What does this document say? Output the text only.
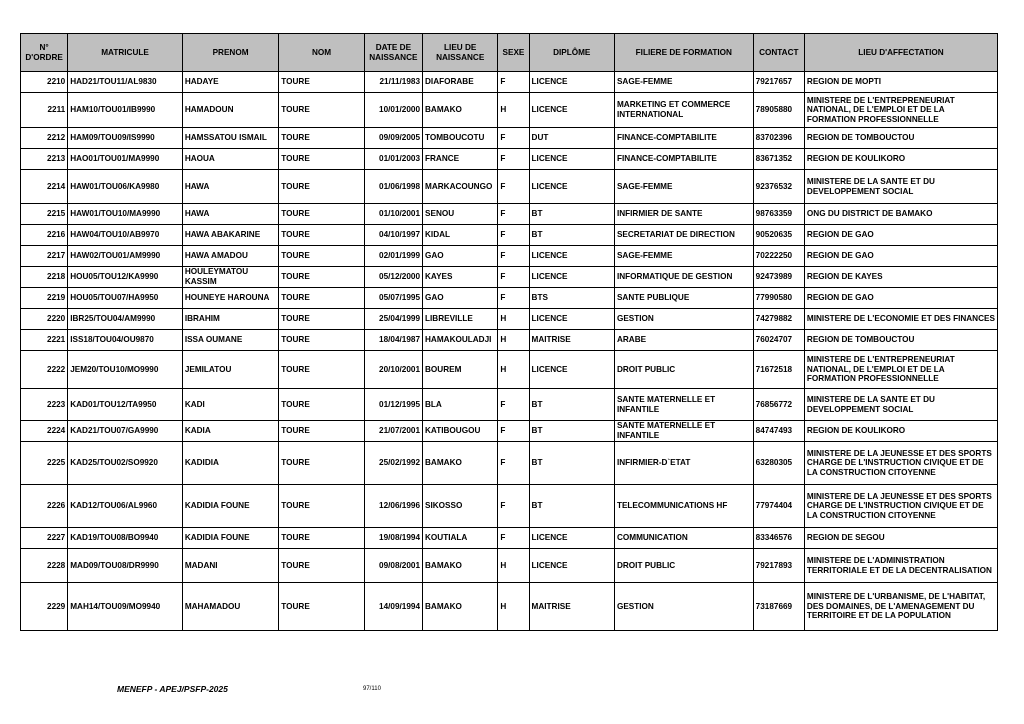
N° D'ORDRE	MATRICULE	PRENOM	NOM	DATE DE NAISSANCE	LIEU DE NAISSANCE	SEXE	DIPLÔME	FILIERE DE FORMATION	CONTACT	LIEU D'AFFECTATION
2210	HAD21/TOU11/AL9830	HADAYE	TOURE	21/11/1983	DIAFORABE	F	LICENCE	SAGE-FEMME	79217657	REGION DE MOPTI
2211	HAM10/TOU01/IB9990	HAMADOUN	TOURE	10/01/2000	BAMAKO	H	LICENCE	MARKETING ET COMMERCE INTERNATIONAL	78905880	MINISTERE DE L'ENTREPRENEURIAT NATIONAL, DE L'EMPLOI ET DE LA FORMATION PROFESSIONNELLE
2212	HAM09/TOU09/IS9990	HAMSSATOU ISMAIL	TOURE	09/09/2005	TOMBOUCOTU	F	DUT	FINANCE-COMPTABILITE	83702396	REGION DE TOMBOUCTOU
2213	HAO01/TOU01/MA9990	HAOUA	TOURE	01/01/2003	FRANCE	F	LICENCE	FINANCE-COMPTABILITE	83671352	REGION DE KOULIKORO
2214	HAW01/TOU06/KA9980	HAWA	TOURE	01/06/1998	MARKACOUNGO	F	LICENCE	SAGE-FEMME	92376532	MINISTERE DE LA SANTE ET DU DEVELOPPEMENT SOCIAL
2215	HAW01/TOU10/MA9990	HAWA	TOURE	01/10/2001	SENOU	F	BT	INFIRMIER DE SANTE	98763359	ONG DU DISTRICT DE BAMAKO
2216	HAW04/TOU10/AB9970	HAWA ABAKARINE	TOURE	04/10/1997	KIDAL	F	BT	SECRETARIAT DE DIRECTION	90520635	REGION DE GAO
2217	HAW02/TOU01/AM9990	HAWA AMADOU	TOURE	02/01/1999	GAO	F	LICENCE	SAGE-FEMME	70222250	REGION DE GAO
2218	HOU05/TOU12/KA9990	HOULEYMATOU KASSIM	TOURE	05/12/2000	KAYES	F	LICENCE	INFORMATIQUE DE GESTION	92473989	REGION DE KAYES
2219	HOU05/TOU07/HA9950	HOUNEYE HAROUNA	TOURE	05/07/1995	GAO	F	BTS	SANTE PUBLIQUE	77990580	REGION DE GAO
2220	IBR25/TOU04/AM9990	IBRAHIM	TOURE	25/04/1999	LIBREVILLE	H	LICENCE	GESTION	74279882	MINISTERE DE L'ECONOMIE ET DES FINANCES
2221	ISS18/TOU04/OU9870	ISSA OUMANE	TOURE	18/04/1987	HAMAKOULADJI	H	MAITRISE	ARABE	76024707	REGION DE TOMBOUCTOU
2222	JEM20/TOU10/MO9990	JEMILATOU	TOURE	20/10/2001	BOUREM	H	LICENCE	DROIT PUBLIC	71672518	MINISTERE DE L'ENTREPRENEURIAT NATIONAL, DE L'EMPLOI ET DE LA FORMATION PROFESSIONNELLE
2223	KAD01/TOU12/TA9950	KADI	TOURE	01/12/1995	BLA	F	BT	SANTE MATERNELLE ET INFANTILE	76856772	MINISTERE DE LA SANTE ET DU DEVELOPPEMENT SOCIAL
2224	KAD21/TOU07/GA9990	KADIA	TOURE	21/07/2001	KATIBOUGOU	F	BT	SANTE MATERNELLE ET INFANTILE	84747493	REGION DE KOULIKORO
2225	KAD25/TOU02/SO9920	KADIDIA	TOURE	25/02/1992	BAMAKO	F	BT	INFIRMIER-D`ETAT	63280305	MINISTERE DE LA JEUNESSE ET DES SPORTS CHARGE DE L'INSTRUCTION CIVIQUE ET DE LA CONSTRUCTION CITOYENNE
2226	KAD12/TOU06/AL9960	KADIDIA FOUNE	TOURE	12/06/1996	SIKOSSO	F	BT	TELECOMMUNICATIONS HF	77974404	MINISTERE DE LA JEUNESSE ET DES SPORTS CHARGE DE L'INSTRUCTION CIVIQUE ET DE LA CONSTRUCTION CITOYENNE
2227	KAD19/TOU08/BO9940	KADIDIA FOUNE	TOURE	19/08/1994	KOUTIALA	F	LICENCE	COMMUNICATION	83346576	REGION DE SEGOU
2228	MAD09/TOU08/DR9990	MADANI	TOURE	09/08/2001	BAMAKO	H	LICENCE	DROIT PUBLIC	79217893	MINISTERE DE L'ADMINISTRATION TERRITORIALE ET DE LA DECENTRALISATION
2229	MAH14/TOU09/MO9940	MAHAMADOU	TOURE	14/09/1994	BAMAKO	H	MAITRISE	GESTION	73187669	MINISTERE DE L'URBANISME, DE L'HABITAT, DES DOMAINES, DE L'AMENAGEMENT DU TERRITOIRE ET DE LA POPULATION
MENEFP - APEJ/PSFP-2025	97/110
